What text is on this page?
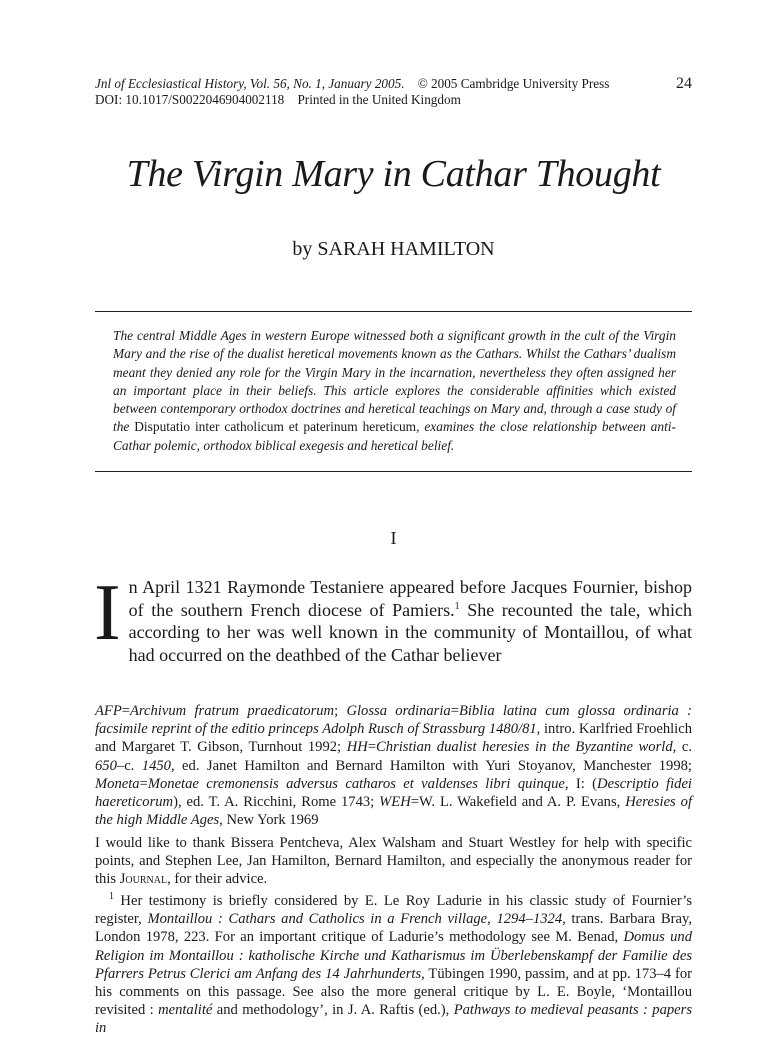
Jnl of Ecclesiastical History, Vol. 56, No. 1, January 2005. © 2005 Cambridge University Press	24
DOI: 10.1017/S0022046904002118 Printed in the United Kingdom
The Virgin Mary in Cathar Thought
by SARAH HAMILTON
The central Middle Ages in western Europe witnessed both a significant growth in the cult of the Virgin Mary and the rise of the dualist heretical movements known as the Cathars. Whilst the Cathars’ dualism meant they denied any role for the Virgin Mary in the incarnation, nevertheless they often assigned her an important place in their beliefs. This article explores the considerable affinities which existed between contemporary orthodox doctrines and heretical teachings on Mary and, through a case study of the Disputatio inter catholicum et paterinum hereticum, examines the close relationship between anti-Cathar polemic, orthodox biblical exegesis and heretical belief.
I
In April 1321 Raymonde Testaniere appeared before Jacques Fournier, bishop of the southern French diocese of Pamiers.$^1$ She recounted the tale, which according to her was well known in the community of Montaillou, of what had occurred on the deathbed of the Cathar believer
AFP=Archivum fratrum praedicatorum; Glossa ordinaria=Biblia latina cum glossa ordinaria : facsimile reprint of the editio princeps Adolph Rusch of Strassburg 1480/81, intro. Karlfried Froehlich and Margaret T. Gibson, Turnhout 1992; HH=Christian dualist heresies in the Byzantine world, c. 650–c. 1450, ed. Janet Hamilton and Bernard Hamilton with Yuri Stoyanov, Manchester 1998; Moneta=Monetae cremonensis adversus catharos et valdenses libri quinque, I: (Descriptio fidei haereticorum), ed. T. A. Ricchini, Rome 1743; WEH=W. L. Wakefield and A. P. Evans, Heresies of the high Middle Ages, New York 1969
I would like to thank Bissera Pentcheva, Alex Walsham and Stuart Westley for help with specific points, and Stephen Lee, Jan Hamilton, Bernard Hamilton, and especially the anonymous reader for this Journal, for their advice.
$^1$ Her testimony is briefly considered by E. Le Roy Ladurie in his classic study of Fournier’s register, Montaillou : Cathars and Catholics in a French village, 1294–1324, trans. Barbara Bray, London 1978, 223. For an important critique of Ladurie’s methodology see M. Benad, Domus und Religion im Montaillou : katholische Kirche und Katharismus im Überlebenskampf der Familie des Pfarrers Petrus Clerici am Anfang des 14 Jahrhunderts, Tübingen 1990, passim, and at pp. 173–4 for his comments on this passage. See also the more general critique by L. E. Boyle, ‘Montaillou revisited : mentalité and methodology’, in J. A. Raftis (ed.), Pathways to medieval peasants : papers in
